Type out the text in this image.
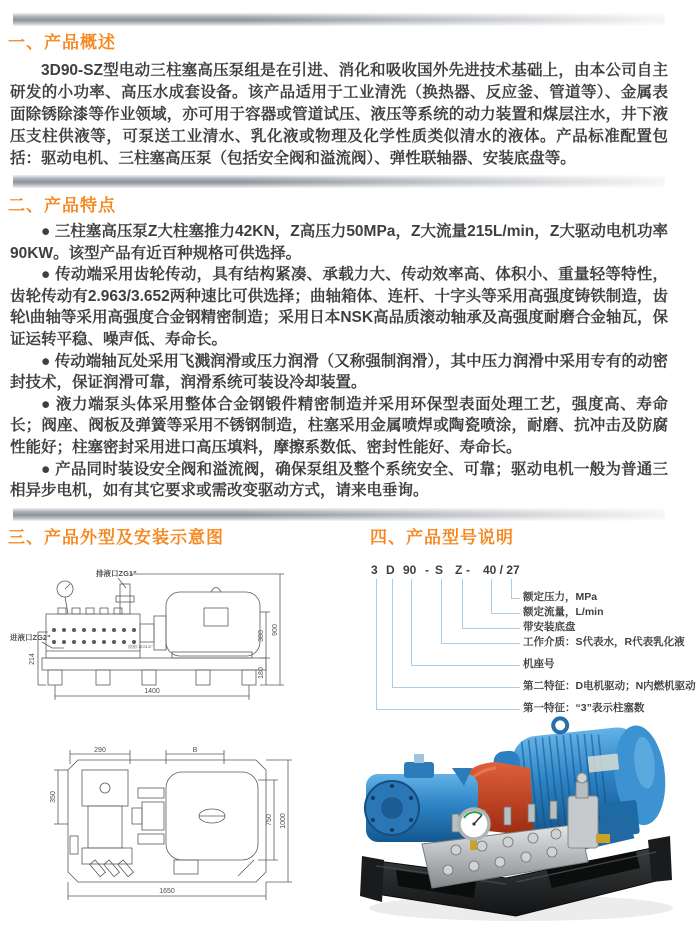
一、产品概述

3D90-SZ型电动三柱塞高压泵组是在引进、消化和吸收国外先进技术基础上，由本公司自主研发的小功率、高压水成套设备。该产品适用于工业清洗（换热器、反应釜、管道等）、金属表面除锈除漆等作业领域，亦可用于容器或管道试压、液压等系统的动力装置和煤层注水，井下液压支柱供液等，可泵送工业清水、乳化液或物理及化学性质类似清水的液体。产品标准配置包括：驱动电机、三柱塞高压泵（包括安全阀和溢流阀）、弹性联轴器、安装底盘等。

二、产品特点

● 三柱塞高压泵Z大柱塞推力42KN，Z高压力50MPa，Z大流量215L/min，Z大驱动电机功率90KW。该型产品有近百种规格可供选择。

● 传动端采用齿轮传动，具有结构紧凑、承载力大、传动效率高、体积小、重量轻等特性，齿轮传动有2.963/3.652两种速比可供选择；曲轴箱体、连杆、十字头等采用高强度铸铁制造，齿轮\曲轴等采用高强度合金钢精密制造；采用日本NSK高品质滚动轴承及高强度耐磨合金轴瓦，保证运转平稳、噪声低、寿命长。

● 传动端轴瓦处采用飞溅润滑或压力润滑（又称强制润滑），其中压力润滑中采用专有的动密封技术，保证润滑可靠，润滑系统可装设冷却装置。

● 液力端泵头体采用整体合金钢锻件精密制造并采用环保型表面处理工艺，强度高、寿命长；阀座、阀板及弹簧等采用不锈钢制造，柱塞采用金属喷焊或陶瓷喷涂，耐磨、抗冲击及防腐性能好；柱塞密封采用进口高压填料，摩擦系数低、密封性能好、寿命长。

● 产品同时装设安全阀和溢流阀，确保泵组及整个系统安全、可靠；驱动电机一般为普通三相异步电机，如有其它要求或需改变驱动方式，请来电垂询。

三、产品外型及安装示意图	四、产品型号说明
排液口ZG1"
进液口ZG2"
放液口ZG1/2"
214
1400
380
180
900
290	B
350
750 1000
1650
3 D 90 - S Z - 40 / 27
额定压力，MPa
额定流量，L/min
带安装底盘
工作介质：S代表水，R代表乳化液
机座号
第二特征：D电机驱动；N内燃机驱动
第一特征：“3”表示柱塞数
